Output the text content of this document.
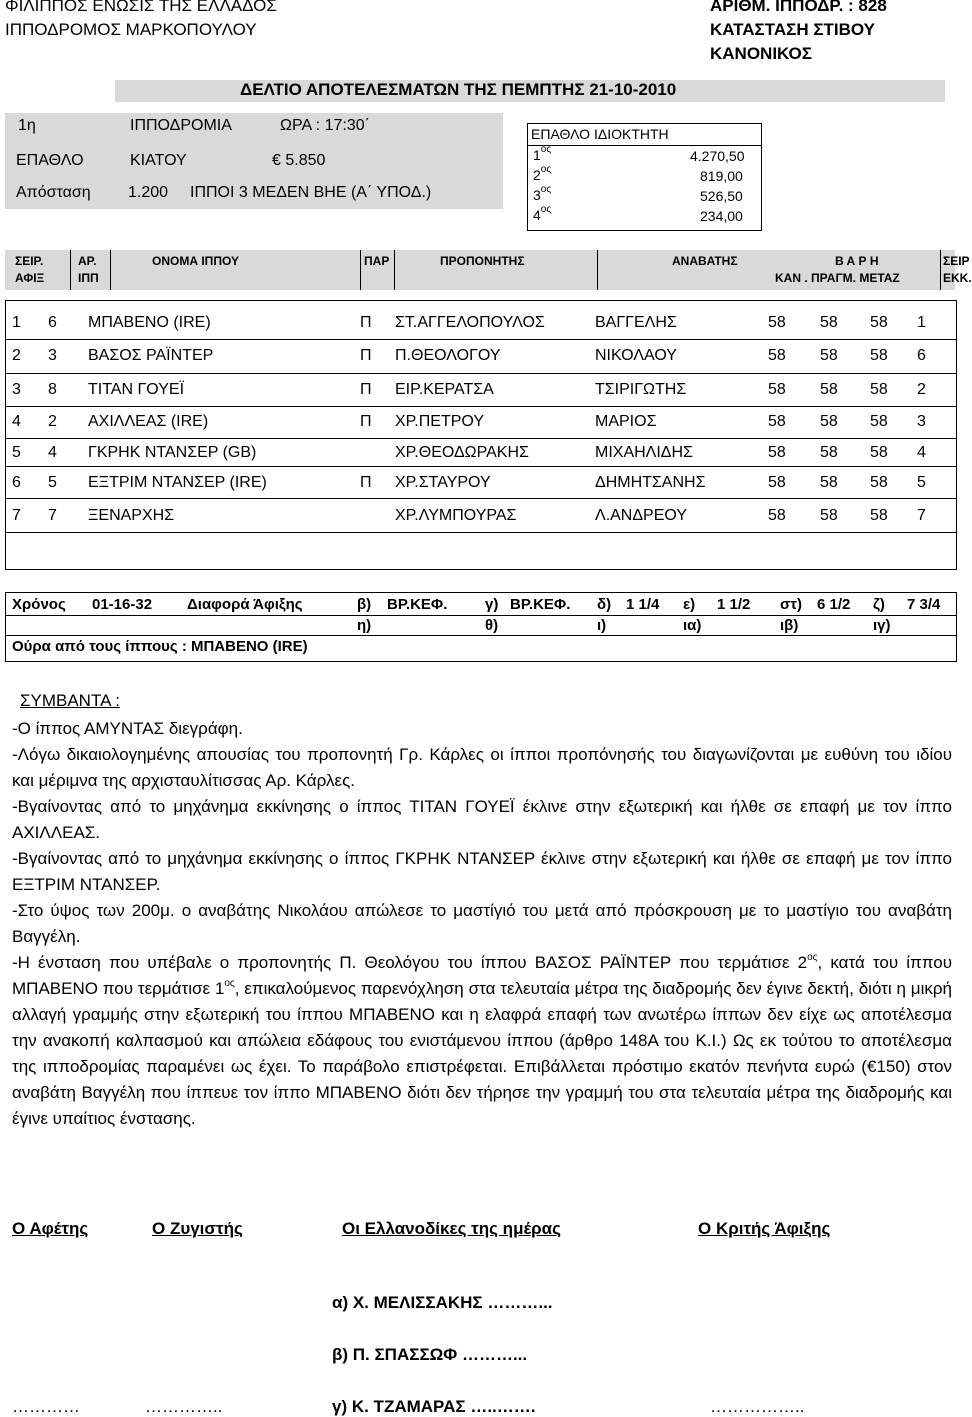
ΦΙΛΙΠΠΟΣ ΕΝΩΣΙΣ ΤΗΣ ΕΛΛΑΔΟΣ
ΙΠΠΟΔΡΟΜΟΣ ΜΑΡΚΟΠΟΥΛΟΥ
ΑΡΙΘΜ. ΙΠΠΟΔΡ. : 828
ΚΑΤΑΣΤΑΣΗ ΣΤΙΒΟΥ
ΚΑΝΟΝΙΚΟΣ
ΔΕΛΤΙΟ ΑΠΟΤΕΛΕΣΜΑΤΩΝ ΤΗΣ ΠΕΜΠΤΗΣ 21-10-2010
1η	ΙΠΠΟΔΡΟΜΙΑ	ΩΡΑ : 17:30΄
ΕΠΑΘΛΟ	ΚΙΑΤΟΥ	€ 5.850
Απόσταση 1.200 ΙΠΠΟΙ 3 ΜΕΔΕΝ ΒΗΕ (Α΄ ΥΠΟΔ.)
ΕΠΑΘΛΟ ΙΔΙΟΚΤΗΤΗ
$1^{o\varsigma}$	4.270,50
$2^{o\varsigma}$	819,00
$3^{o\varsigma}$	526,50
$4^{o\varsigma}$	234,00
ΣΕΙΡ.
ΑΦΙΞ
ΑΡ.
ΙΠΠ
ΟΝΟΜΑ ΙΠΠΟΥ	ΠΑΡ	ΠΡΟΠΟΝΗΤΗΣ	ΑΝΑΒΑΤΗΣ	Β Α Ρ Η
ΚΑΝ . ΠΡΑΓΜ. ΜΕΤΑΖ
ΣΕΙΡ
ΕΚΚ.
1 6 ΜΠΑΒΕΝΟ (IRE)	Π ΣΤ.ΑΓΓΕΛΟΠΟΥΛΟΣ	ΒΑΓΓΕΛΗΣ	58 58 58 1
2 3 ΒΑΣΟΣ ΡΑΪΝΤΕΡ	Π Π.ΘΕΟΛΟΓΟΥ	ΝΙΚΟΛΑΟΥ	58 58 58 6
3 8 ΤΙΤΑΝ ΓΟΥΕΪ	Π ΕΙΡ.ΚΕΡΑΤΣΑ	ΤΣΙΡΙΓΩΤΗΣ	58 58 58 2
4 2 ΑΧΙΛΛΕΑΣ (IRE)	Π ΧΡ.ΠΕΤΡΟΥ	ΜΑΡΙΟΣ	58 58 58 3
5 4 ΓΚΡΗΚ ΝΤΑΝΣΕΡ (GB)	ΧΡ.ΘΕΟΔΩΡΑΚΗΣ	ΜΙΧΑΗΛΙΔΗΣ	58 58 58 4
6 5 ΕΞΤΡΙΜ ΝΤΑΝΣΕΡ (IRE)	Π ΧΡ.ΣΤΑΥΡΟΥ	ΔΗΜΗΤΣΑΝΗΣ	58 58 58 5
7 7 ΞΕΝΑΡΧΗΣ	ΧΡ.ΛΥΜΠΟΥΡΑΣ	Λ.ΑΝΔΡΕΟΥ	58 58 58 7
Χρόνος 01-16-32 Διαφορά Άφιξης	β) ΒΡ.ΚΕΦ.	γ) ΒΡ.ΚΕΦ. δ) 1 1/4 ε) 1 1/2 στ) 6 1/2 ζ) 7 3/4
η)	θ)	ι)	ια)	ιβ)	ιγ)
Ούρα από τους ίππους : ΜΠΑΒΕΝΟ (IRE)
ΣΥΜΒΑΝΤΑ :
-Ο ίππος ΑΜΥΝΤΑΣ διεγράφη.
-Λόγω δικαιολογημένης απουσίας του προπονητή Γρ. Κάρλες οι ίπποι προπόνησής του διαγωνίζονται με ευθύνη του ιδίου και μέριμνα της αρχισταυλίτισσας Αρ. Κάρλες.
-Βγαίνοντας από το μηχάνημα εκκίνησης ο ίππος ΤΙΤΑΝ ΓΟΥΕΪ έκλινε στην εξωτερική και ήλθε σε επαφή με τον ίππο ΑΧΙΛΛΕΑΣ.
-Βγαίνοντας από το μηχάνημα εκκίνησης ο ίππος ΓΚΡΗΚ ΝΤΑΝΣΕΡ έκλινε στην εξωτερική και ήλθε σε επαφή με τον ίππο ΕΞΤΡΙΜ ΝΤΑΝΣΕΡ.
-Στο ύψος των 200μ. ο αναβάτης Νικολάου απώλεσε το μαστίγιό του μετά από πρόσκρουση με το μαστίγιο του αναβάτη Βαγγέλη.
-Η ένσταση που υπέβαλε ο προπονητής Π. Θεολόγου του ίππου ΒΑΣΟΣ ΡΑΪΝΤΕΡ που τερμάτισε $2^{o\varsigma}$, κατά του ίππου ΜΠΑΒΕΝΟ που τερμάτισε $1^{o\varsigma}$, επικαλούμενος παρενόχληση στα τελευταία μέτρα της διαδρομής δεν έγινε δεκτή, διότι η μικρή αλλαγή γραμμής στην εξωτερική του ίππου ΜΠΑΒΕΝΟ και η ελαφρά επαφή των ανωτέρω ίππων δεν είχε ως αποτέλεσμα την ανακοπή καλπασμού και απώλεια εδάφους του ενιστάμενου ίππου (άρθρο 148Α του Κ.Ι.) Ως εκ τούτου το αποτέλεσμα της ιπποδρομίας παραμένει ως έχει. Το παράβολο επιστρέφεται. Επιβάλλεται πρόστιμο εκατόν πενήντα ευρώ (€150) στον αναβάτη Βαγγέλη που ίππευε τον ίππο ΜΠΑΒΕΝΟ διότι δεν τήρησε την γραμμή του στα τελευταία μέτρα της διαδρομής και έγινε υπαίτιος ένστασης.
Ο Αφέτης	Ο Ζυγιστής	Οι Ελλανοδίκες της ημέρας	Ο Κριτής Άφιξης
α) Χ. ΜΕΛΙΣΣΑΚΗΣ ………...
β) Π. ΣΠΑΣΣΩΦ ………...
γ) Κ. ΤΖΑΜΑΡΑΣ …..…….
…………	…………..	……………..
